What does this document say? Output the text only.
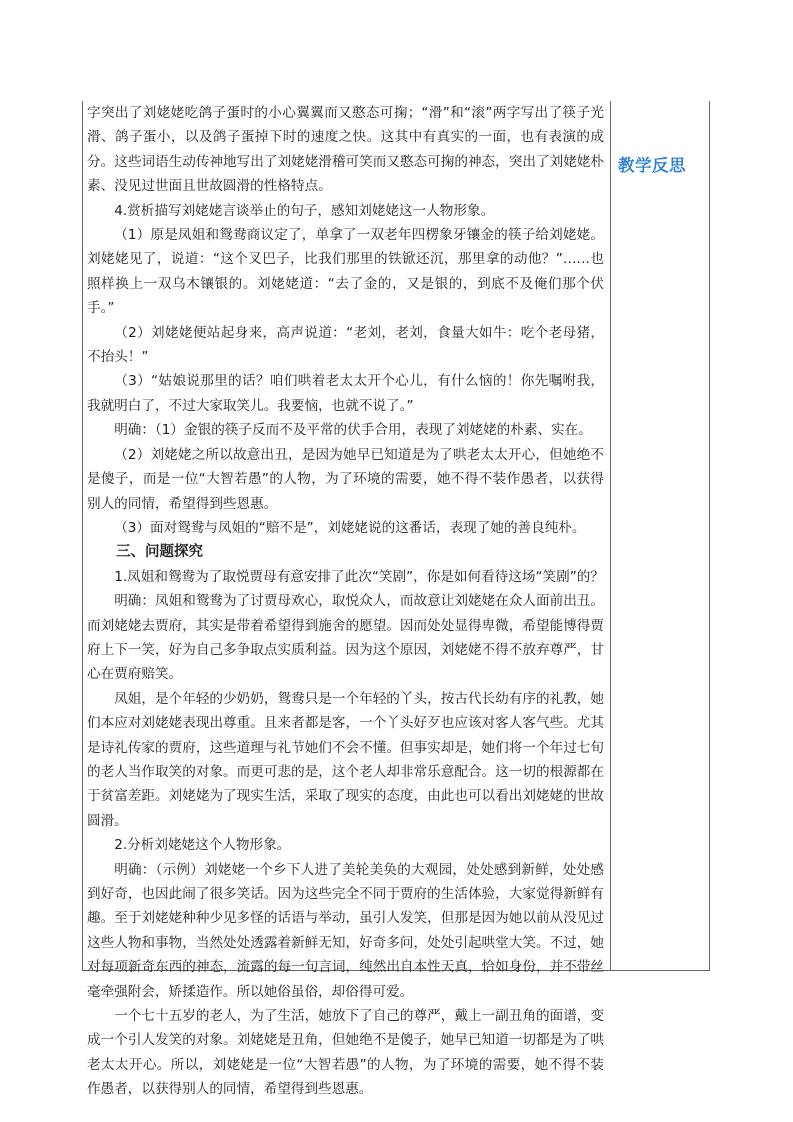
教学反思

字突出了刘姥姥吃鸽子蛋时的小心翼翼而又憨态可掬；“滑”和“滚”两字写出了筷子光滑、鸽子蛋小，以及鸽子蛋掉下时的速度之快。这其中有真实的一面，也有表演的成分。这些词语生动传神地写出了刘姥姥滑稽可笑而又憨态可掬的神态，突出了刘姥姥朴素、没见过世面且世故圆滑的性格特点。

4.赏析描写刘姥姥言谈举止的句子，感知刘姥姥这一人物形象。

（1）原是凤姐和鸳鸯商议定了，单拿了一双老年四楞象牙镶金的筷子给刘姥姥。刘姥姥见了，说道：“这个叉巴子，比我们那里的铁锨还沉，那里拿的动他？”……也照样换上一双乌木镶银的。刘姥姥道：“去了金的，又是银的，到底不及俺们那个伏手。”

（2）刘姥姥便站起身来，高声说道：“老刘，老刘，食量大如牛：吃个老母猪，不抬头！”

（3）“姑娘说那里的话？咱们哄着老太太开个心儿，有什么恼的！你先嘱咐我，我就明白了，不过大家取笑儿。我要恼，也就不说了。”

明确：（1）金银的筷子反而不及平常的伏手合用，表现了刘姥姥的朴素、实在。

（2）刘姥姥之所以故意出丑，是因为她早已知道是为了哄老太太开心，但她绝不是傻子，而是一位“大智若愚”的人物，为了环境的需要，她不得不装作愚者，以获得别人的同情，希望得到些恩惠。

（3）面对鸳鸯与凤姐的“赔不是”，刘姥姥说的这番话，表现了她的善良纯朴。

三、问题探究

1.凤姐和鸳鸯为了取悦贾母有意安排了此次“笑剧”，你是如何看待这场“笑剧”的？

明确：凤姐和鸳鸯为了讨贾母欢心，取悦众人，而故意让刘姥姥在众人面前出丑。而刘姥姥去贾府，其实是带着希望得到施舍的愿望。因而处处显得卑微，希望能博得贾府上下一笑，好为自己多争取点实质利益。因为这个原因，刘姥姥不得不放弃尊严，甘心在贾府赔笑。

凤姐，是个年轻的少奶奶，鸳鸯只是一个年轻的丫头，按古代长幼有序的礼教，她们本应对刘姥姥表现出尊重。且来者都是客，一个丫头好歹也应该对客人客气些。尤其是诗礼传家的贾府，这些道理与礼节她们不会不懂。但事实却是，她们将一个年过七旬的老人当作取笑的对象。而更可悲的是，这个老人却非常乐意配合。这一切的根源都在于贫富差距。刘姥姥为了现实生活，采取了现实的态度，由此也可以看出刘姥姥的世故圆滑。

2.分析刘姥姥这个人物形象。

明确：（示例）刘姥姥一个乡下人进了美轮美奂的大观园，处处感到新鲜，处处感到好奇，也因此闹了很多笑话。因为这些完全不同于贾府的生活体验，大家觉得新鲜有趣。至于刘姥姥种种少见多怪的话语与举动，虽引人发笑，但那是因为她以前从没见过这些人物和事物，当然处处透露着新鲜无知，好奇多问，处处引起哄堂大笑。不过，她对每项新奇东西的神态，流露的每一句言词，纯然出自本性天真，恰如身份，并不带丝毫牵强附会，矫揉造作。所以她俗虽俗，却俗得可爱。

一个七十五岁的老人，为了生活，她放下了自己的尊严，戴上一副丑角的面谱，变成一个引人发笑的对象。刘姥姥是丑角，但她绝不是傻子，她早已知道一切都是为了哄老太太开心。所以，刘姥姥是一位“大智若愚”的人物，为了环境的需要，她不得不装作愚者，以获得别人的同情，希望得到些恩惠。
